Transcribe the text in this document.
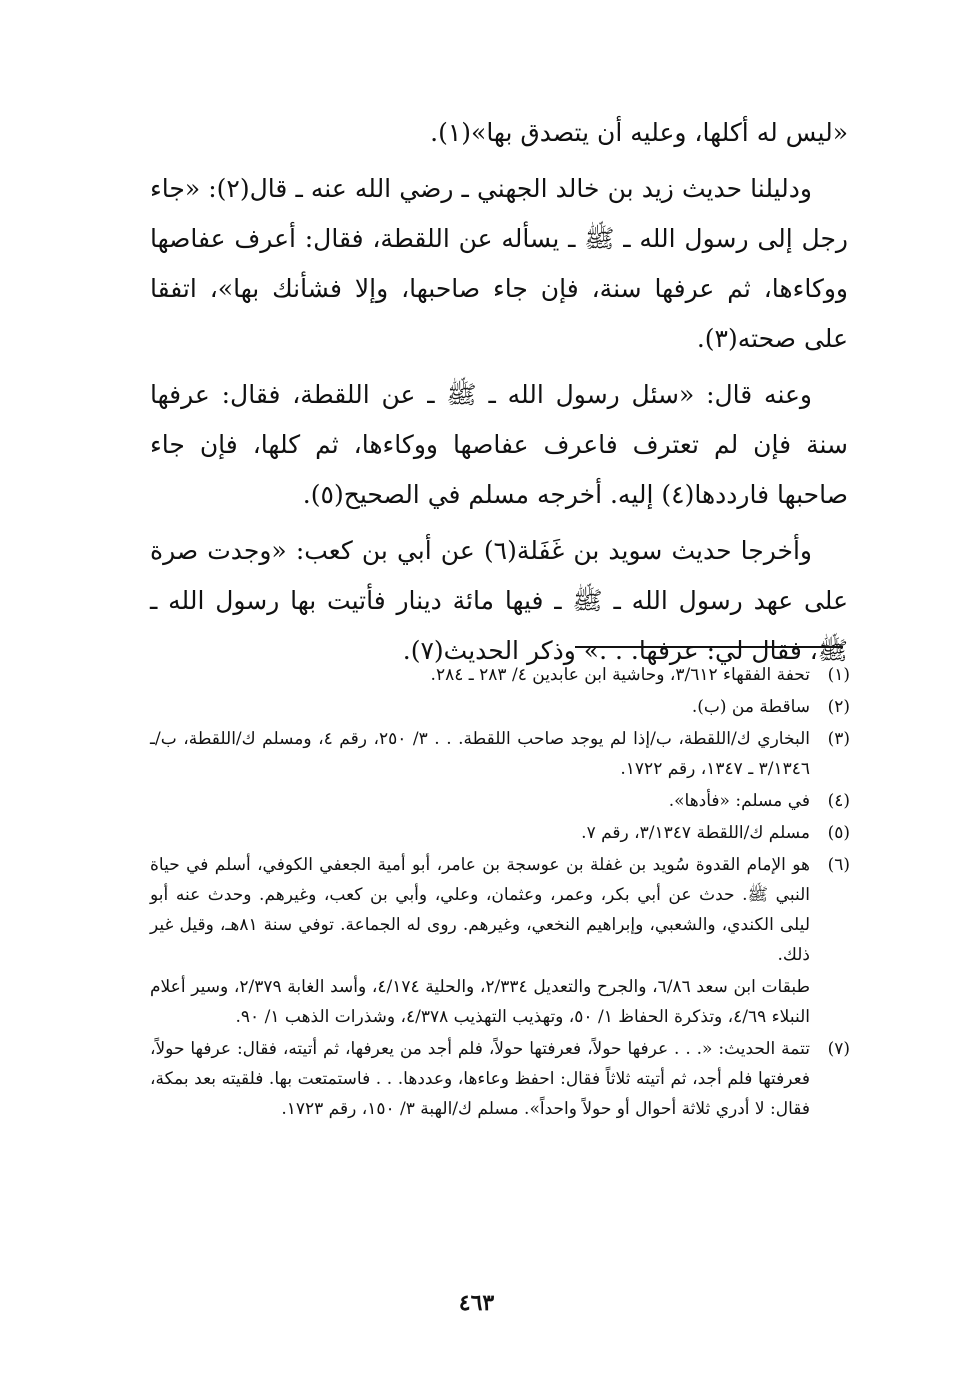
«ليس له أكلها، وعليه أن يتصدق بها»(١).

ودليلنا حديث زيد بن خالد الجهني ـ رضي الله عنه ـ قال(٢): «جاء رجل إلى رسول الله ـ ﷺ ـ يسأله عن اللقطة، فقال: أعرف عفاصها ووكاءها، ثم عرفها سنة، فإن جاء صاحبها، وإلا فشأنك بها»، اتفقا على صحته(٣).

وعنه قال: «سئل رسول الله ـ ﷺ ـ عن اللقطة، فقال: عرفها سنة فإن لم تعترف فاعرف عفاصها ووكاءها، ثم كلها، فإن جاء صاحبها فارددها(٤) إليه. أخرجه مسلم في الصحيح(٥).

وأخرجا حديث سويد بن غَفَلة(٦) عن أبي بن كعب: «وجدت صرة على عهد رسول الله ـ ﷺ ـ فيها مائة دينار فأتيت بها رسول الله ـ ﷺ، فقال لي: عرفها. . .» وذكر الحديث(٧).

(١)
تحفة الفقهاء ٣/٦١٢، وحاشية ابن عابدين ٤/ ٢٨٣ ـ ٢٨٤.
(٢)
ساقطة من (ب).
(٣)
البخاري ك/اللقطة، ب/إذا لم يوجد صاحب اللقطة. . . ٣/ ٢٥٠، رقم ٤، ومسلم ك/اللقطة، ب/ـ ٣/١٣٤٦ ـ ١٣٤٧، رقم ١٧٢٢.
(٤)
في مسلم: «فأدها».
(٥)
مسلم ك/اللقطة ٣/١٣٤٧، رقم ٧.
(٦)
هو الإمام القدوة سُويد بن غفلة بن عوسجة بن عامر، أبو أمية الجعفي الكوفي، أسلم في حياة النبي ﷺ. حدث عن أبي بكر، وعمر، وعثمان، وعلي، وأبي بن كعب، وغيرهم. وحدث عنه أبو ليلى الكندي، والشعبي، وإبراهيم النخعي، وغيرهم. روى له الجماعة. توفي سنة ٨١هـ، وقيل غير ذلك.
طبقات ابن سعد ٦/٨٦، والجرح والتعديل ٢/٣٣٤، والحلية ٤/١٧٤، وأسد الغابة ٢/٣٧٩، وسير أعلام النبلاء ٤/٦٩، وتذكرة الحفاظ ١/ ٥٠، وتهذيب التهذيب ٤/٣٧٨، وشذرات الذهب ١/ ٩٠.
(٧)
تتمة الحديث: «. . . عرفها حولاً، فعرفتها حولاً، فلم أجد من يعرفها، ثم أتيته، فقال: عرفها حولاً، فعرفتها فلم أجد، ثم أتيته ثلاثاً فقال: احفظ وعاءها، وعددها. . . فاستمتعت بها. فلقيته بعد بمكة، فقال: لا أدري ثلاثة أحوال أو حولاً واحداً». مسلم ك/الهبة ٣/ ١٥٠، رقم ١٧٢٣.
٤٦٣
